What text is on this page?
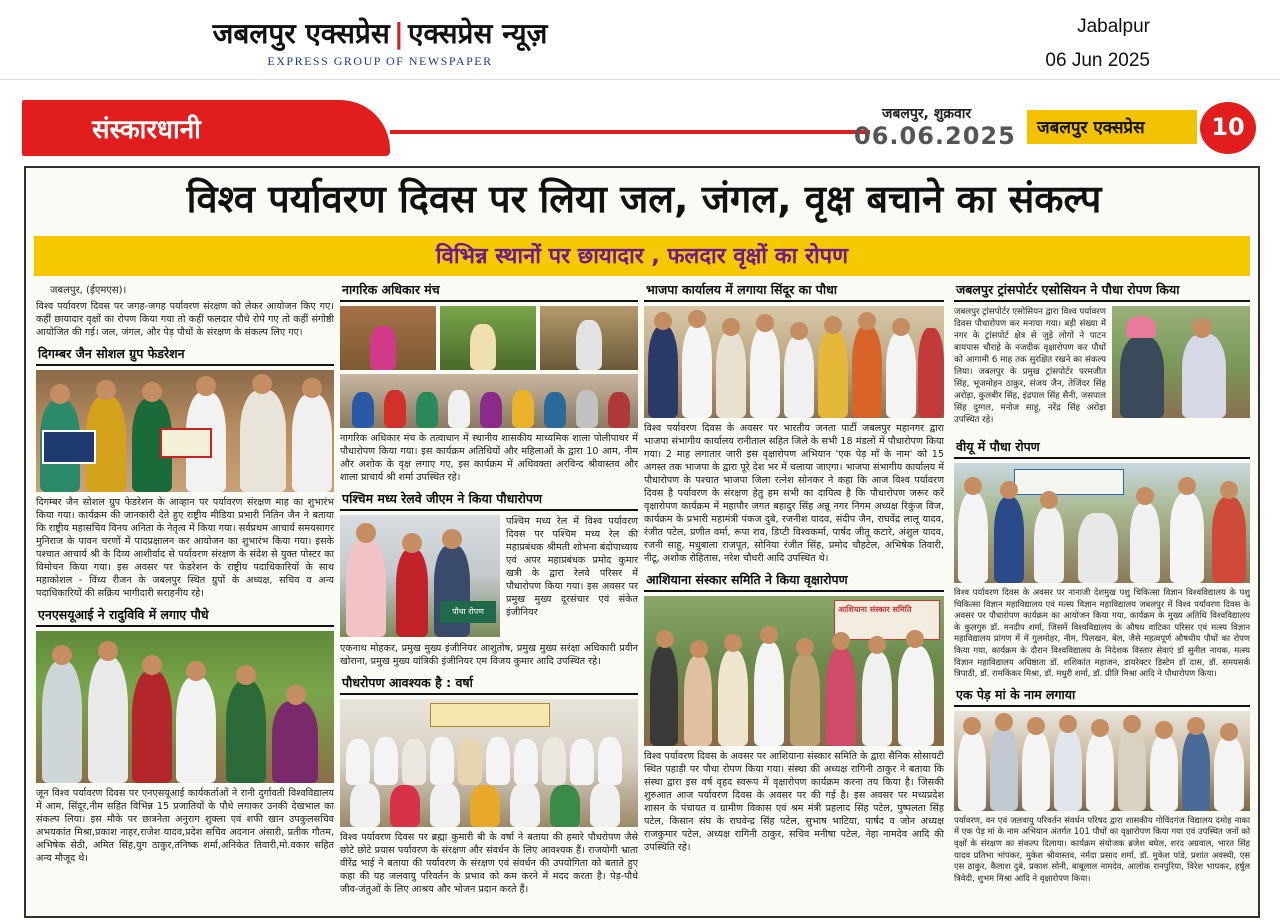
जबलपुर एक्सप्रेस | एक्सप्रेस न्यूज़
EXPRESS GROUP OF NEWSPAPER
Jabalpur
06 Jun 2025
संस्कारधानी
जबलपुर, शुक्रवार
06.06.2025 जबलपुर एक्सप्रेस	10
विश्व पर्यावरण दिवस पर लिया जल, जंगल, वृक्ष बचाने का संकल्प
विभिन्न स्थानों पर छायादार , फलदार वृक्षों का रोपण
जबलपुर, (ईएमएस)।
विश्व पर्यावरण दिवस पर जगह-जगह पर्यावरण संरक्षण को लेकर आयोजन किए गए। कहीं छायादार वृक्षों का रोपण किया गया तो कहीं फलदार पौधे रोपे गए तो कहीं संगोष्ठी आयोजित की गई। जल, जंगल, और पेड़ पौधों के संरक्षण के संकल्प लिए गए।
दिगम्बर जैन सोशल ग्रुप फेडरेशन
दिगम्बर जैन सोशल ग्रुप फेडरेशन के आव्हान पर पर्यावरण संरक्षण माह का शुभारंभ किया गया। कार्यक्रम की जानकारी देते हुए राष्ट्रीय मीडिया प्रभारी नितिन जैन ने बताया कि राष्ट्रीय महासचिव विनय अनिता के नेतृत्व में किया गया। सर्वप्रथम आचार्य समयसागर मुनिराज के पावन चरणों में पादप्रक्षालन कर आयोजन का शुभारंभ किया गया। इसके पश्चात आचार्य श्री के दिव्य आशीर्वाद से पर्यावरण संरक्षण के संदेश से युक्त पोस्टर का विमोचन किया गया। इस अवसर पर फेडरेशन के राष्ट्रीय पदाधिकारियों के साथ महाकोशल - विंध्य रीजन के जबलपुर स्थित ग्रुपों के अध्यक्ष, सचिव व अन्य पदाधिकारियों की सक्रिय भागीदारी सराहनीय रहे।
एनएसयूआई ने रादुविवि में लगाए पौधे
जून विश्व पर्यावरण दिवस पर एनएसयूआई कार्यकर्ताओं ने रानी दुर्गावती विश्वविद्यालय में आम, सिंदूर,नीम सहित विभिन्न 15 प्रजातियों के पौधे लगाकर उनकी देखभाल का संकल्प लिया। इस मौके पर छात्रनेता अनुराग शुक्ला एवं शफी खान उपकुलसचिव अभयकांत मिश्रा,प्रकाश नाहर,राजेश यादव,प्रदेश सचिव अदनान अंसारी, प्रतीक गौतम, अभिषेक सेठी, अमित सिंह,युग ठाकुर,तनिष्क शर्मा,अनिकेत तिवारी,मो.वकार सहित अन्य मौजूद थे।
नागरिक अधिकार मंच
नागरिक अधिकार मंच के तत्वाधान में स्थानीय शासकीय माध्यमिक शाला पोलीपाथर में पौधारोपण किया गया। इस कार्यक्रम अतिथियों और महिलाओं के द्वारा 10 आम, नीम और अशोक के वृक्ष लगाए गए, इस कार्यक्रम में अधिवक्ता अरविन्द श्रीवास्तव और शाला प्राचार्य श्री शर्मा उपस्थित रहे।
पश्चिम मध्य रेलवे जीएम ने किया पौधारोपण
पौधा रोपण
पश्चिम मध्य रेल में विश्व पर्यावरण दिवस पर पश्चिम मध्य रेल की महाप्रबंधक श्रीमती शोभना बंदोपाध्याय एवं अपर महाप्रबंधक प्रमोद कुमार खत्री के द्वारा रेलवे परिसर में पौधारोपण किया गया। इस अवसर पर प्रमुख मुख्य दूरसंचार एवं संकेत इंजीनियर
एकनाथ मोहकर, प्रमुख मुख्य इंजीनियर आशुतोष, प्रमुख मुख्य सरंक्षा अधिकारी प्रवीन खोराना, प्रमुख मुख्य यांत्रिकी इंजीनियर एम विजय कुमार आदि उपस्थित रहे।
पौधरोपण आवश्यक है : वर्षा
विश्व पर्यावरण दिवस पर ब्रह्मा कुमारी बी के वर्षा ने बताया की हमारे पौधरोपण जैसे छोटे छोटे प्रयास पर्यावरण के संरक्षण और संवर्धन के लिए आवश्यक हैं। राजयोगी भ्राता वीरेंद्र भाई ने बताया की पर्यावरण के संरक्षण एवं संवर्धन की उपयोगिता को बताते हुए कहा की यह जलवायु परिवर्तन के प्रभाव को कम करने में मदद करता है। पेड़-पौधे जीव-जंतुओं के लिए आश्रय और भोजन प्रदान करते हैं।
भाजपा कार्यालय में लगाया सिंदूर का पौधा
विश्व पर्यावरण दिवस के अवसर पर भारतीय जनता पार्टी जबलपुर महानगर द्वारा भाजपा संभागीय कार्यालय रानीताल सहित जिले के सभी 18 मंडलों में पौधारोपण किया गया। 2 माह लगातार जारी इस वृक्षारोपण अभियान 'एक पेड़ माँ के नाम' को 15 अगस्त तक भाजपा के द्वारा पूरे देश भर में चलाया जाएगा। भाजपा संभागीय कार्यालय में पौधारोपण के पश्चात भाजपा जिला रत्नेश सोनकर ने कहा कि आज विश्व पर्यावरण दिवस है पर्यावरण के संरक्षण हेतु हम सभी का दायित्व है कि पौधारोपण जरूर करें वृक्षारोपण कार्यक्रम में महापौर जगत बहादुर सिंह अन्नू नगर निगम अध्यक्ष रिकुंज विज, कार्यक्रम के प्रभारी महामंत्री पंकज दुबे, रजनीश यादव, संदीप जैन, राघवेंद्र लालू यादव, रंजीत पटेल, प्रणीत वर्मा, रूपा राव, डिप्टी विश्वकर्मा, पार्षद जीतू कटारे, अंशुल यादव, रजनी साहू, मधुबाला राजपूत, सोनिया रंजीत सिंह, प्रमोद चौहटेल, अभिषेक तिवारी, नीटू, अशोक रोहितास, नरेश चौधरी आदि उपस्थित थे।
आशियाना संस्कार समिति ने किया वृक्षारोपण
आशियाना संस्कार समिति
विश्व पर्यावरण दिवस के अवसर पर आशियाना संस्कार समिति के द्वारा सैनिक सोसायटी स्थित पहाड़ी पर पौधा रोपण किया गया। संस्था की अध्यक्ष रागिनी ठाकुर ने बताया कि संस्था द्वारा इस वर्ष वृहद स्वरूप में वृक्षारोपण कार्यक्रम करना तय किया है। जिसकी शुरुआत आज पर्यावरण दिवस के अवसर पर की गई है। इस अवसर पर मध्यप्रदेश शासन के पंचायत व ग्रामीण विकास एवं श्रम मंत्री प्रहलाद सिंह पटेल, पुष्पलता सिंह पटेल, किसान संघ के राघवेन्द्र सिंह पटेल, सुभाष भाटिया, पार्षद व जोन अध्यक्ष राजकुमार पटेल, अध्यक्ष रागिनी ठाकुर, सचिव मनीषा पटेल, नेहा नामदेव आदि की उपस्थिति रहे।
जबलपुर ट्रांसपोर्टर एसोसियन ने पौधा रोपण किया
जबलपुर ट्रांसपोर्टर एसोसियन द्वारा विश्व पर्यावरण दिवस पौधारोपण कर मनाया गया। बड़ी संख्या में नगर के ट्रांसपोर्ट क्षेत्र से जुड़े लोगों ने पाटन बायपास चौराहे के नजदीक वृक्षारोपण कर पौधों को आगामी 6 माह तक सुरक्षित रखने का संकल्प लिया। जबलपुर के प्रमुख ट्रांसपोर्टर परमजीत सिंह, भूजमोहन ठाकुर, संजय जैन, तेजिंदर सिंह अरोड़ा, कुलबीर सिंह, इंद्रपाल सिंह सैनी, जसपाल सिंह दुग्गल, मनोज साहू, नरेंद्र सिंह अरोड़ा उपस्थित रहे।
वीयू में पौधा रोपण
विश्व पर्यावरण दिवस के अवसर पर नानाजी देशमुख पशु चिकित्सा विज्ञान विश्वविद्यालय के पशु चिकित्सा विज्ञान महाविद्यालय एवं मत्स्य विज्ञान महाविद्यालय जबलपुर में विश्व पर्यावरण दिवस के अवसर पर पौधारोपण कार्यक्रम का आयोजन किया गया, कार्यक्रम के मुख्य अतिथि विश्वविद्यालय के कुलगुरु डॉ. मनदीप शर्मा, जिसमें विश्वविद्यालय के औषध वाटिका परिसर एवं मत्स्य विज्ञान महाविद्यालय प्रांगण में में गुलमोहर, नीम, पिलखन, बेल, जैसे महत्वपूर्ण औषधीय पौधों का रोपण किया गया, कार्यक्रम के दौरान विश्वविद्यालय के निदेशक विस्तार सेवाएं डॉ सुनील नायक, मत्स्य विज्ञान महाविद्यालय अधिष्ठाता डॉ. शशिकांत महाजन, डायरेक्टर डिस्टेम डॉ दास, डॉ. समयसर्क त्रिपाठी, डॉ. रामकिंकर मिश्रा, डॉ. मधुरी शर्मा, डॉ. प्रीति मिश्रा आदि ने पौधारोपण किया।
एक पेड़ मां के नाम लगाया
पर्यावरण, वन एवं जलवायु परिवर्तन संवर्धन परिषद द्वारा शासकीय गोविंदगंज विद्यालय दमोह नाका में एक पेड़ मां के नाम अभियान अंतर्गत 101 पौधों का वृक्षारोपण किया गया एवं उपस्थित जनों को वृक्षों के संरक्षण का संकल्प दिलाया। कार्यक्रम संयोजक ब्रजेश बघेल, शरद अग्रवाल, भारत सिंह यादव प्रतिभा भांपकर, मुकेश श्रीवास्तव, नर्मदा प्रसाद शर्मा, डॉ. मुकेश पांडे, प्रशांत अवस्थी, एस एस ठाकुर, कैलाश दुबे, प्रकाश सोनी, बाबूलाल नामदेव, आलोक रानपुरिया, विरेश भापकर, हर्षुल त्रिवेदी, शुभम मिश्रा आदि ने वृक्षारोपण किया।
